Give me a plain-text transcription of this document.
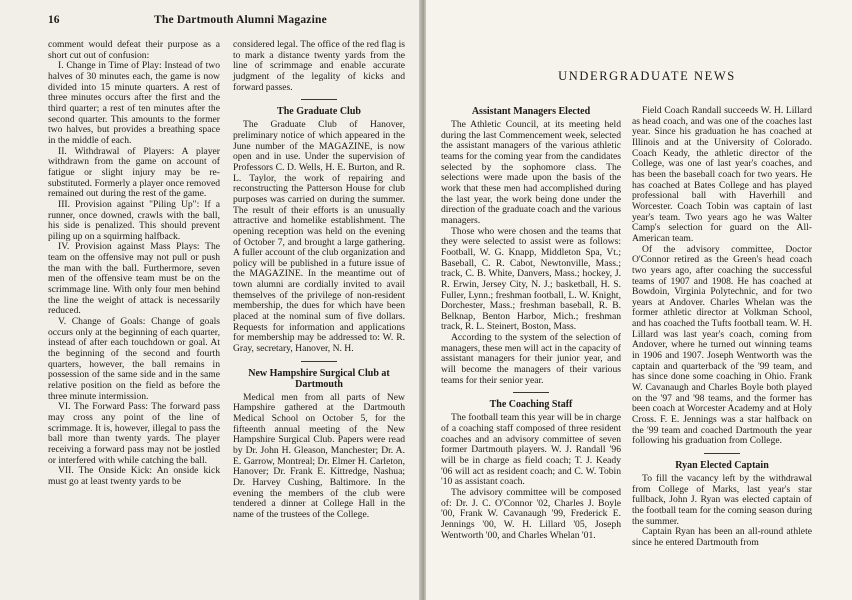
16	The Dartmouth Alumni Magazine

comment would defeat their purpose as a short cut out of confusion:

I. Change in Time of Play: Instead of two halves of 30 minutes each, the game is now divided into 15 minute quarters. A rest of three minutes occurs after the first and the third quarter; a rest of ten minutes after the second quarter. This amounts to the former two halves, but provides a breathing space in the middle of each.

II. Withdrawal of Players: A player withdrawn from the game on account of fatigue or slight injury may be re-substituted. Formerly a player once removed remained out during the rest of the game.

III. Provision against "Piling Up": If a runner, once downed, crawls with the ball, his side is penalized. This should prevent piling up on a squirming halfback.

IV. Provision against Mass Plays: The team on the offensive may not pull or push the man with the ball. Furthermore, seven men of the offensive team must be on the scrimmage line. With only four men behind the line the weight of attack is necessarily reduced.

V. Change of Goals: Change of goals occurs only at the beginning of each quarter, instead of after each touchdown or goal. At the beginning of the second and fourth quarters, however, the ball remains in possession of the same side and in the same relative position on the field as before the three minute intermission.

VI. The Forward Pass: The forward pass may cross any point of the line of scrimmage. It is, however, illegal to pass the ball more than twenty yards. The player receiving a forward pass may not be jostled or interfered with while catching the ball.

VII. The Onside Kick: An onside kick must go at least twenty yards to be

considered legal. The office of the red flag is to mark a distance twenty yards from the line of scrimmage and enable accurate judgment of the legality of kicks and forward passes.

The Graduate Club

The Graduate Club of Hanover, preliminary notice of which appeared in the June number of the MAGAZINE, is now open and in use. Under the supervision of Professors C. D. Wells, H. E. Burton, and R. L. Taylor, the work of repairing and reconstructing the Patterson House for club purposes was carried on during the summer. The result of their efforts is an unusually attractive and homelike establishment. The opening reception was held on the evening of October 7, and brought a large gathering. A fuller account of the club organization and policy will be published in a future issue of the MAGAZINE. In the meantime out of town alumni are cordially invited to avail themselves of the privilege of non-resident membership, the dues for which have been placed at the nominal sum of five dollars. Requests for information and applications for membership may be addressed to: W. R. Gray, secretary, Hanover, N. H.

New Hampshire Surgical Club at Dartmouth

Medical men from all parts of New Hampshire gathered at the Dartmouth Medical School on October 5, for the fifteenth annual meeting of the New Hampshire Surgical Club. Papers were read by Dr. John H. Gleason, Manchester; Dr. A. E. Garrow, Montreal; Dr. Elmer H. Carleton, Hanover; Dr. Frank E. Kittredge, Nashua; Dr. Harvey Cushing, Baltimore. In the evening the members of the club were tendered a dinner at College Hall in the name of the trustees of the College.

UNDERGRADUATE NEWS
Assistant Managers Elected

The Athletic Council, at its meeting held during the last Commencement week, selected the assistant managers of the various athletic teams for the coming year from the candidates selected by the sophomore class. The selections were made upon the basis of the work that these men had accomplished during the last year, the work being done under the direction of the graduate coach and the various managers.

Those who were chosen and the teams that they were selected to assist were as follows: Football, W. G. Knapp, Middleton Spa, Vt.; Baseball, C. R. Cabot, Newtonville, Mass.; track, C. B. White, Danvers, Mass.; hockey, J. R. Erwin, Jersey City, N. J.; basketball, H. S. Fuller, Lynn.; freshman football, L. W. Knight, Dorchester, Mass.; freshman baseball, R. B. Belknap, Benton Harbor, Mich.; freshman track, R. L. Steinert, Boston, Mass.

According to the system of the selection of managers, these men will act in the capacity of assistant managers for their junior year, and will become the managers of their various teams for their senior year.

The Coaching Staff

The football team this year will be in charge of a coaching staff composed of three resident coaches and an advisory committee of seven former Dartmouth players. W. J. Randall '96 will be in charge as field coach; T. J. Keady '06 will act as resident coach; and C. W. Tobin '10 as assistant coach.

The advisory committee will be composed of: Dr. J. C. O'Connor '02, Charles J. Boyle '00, Frank W. Cavanaugh '99, Frederick E. Jennings '00, W. H. Lillard '05, Joseph Wentworth '00, and Charles Whelan '01.

Field Coach Randall succeeds W. H. Lillard as head coach, and was one of the coaches last year. Since his graduation he has coached at Illinois and at the University of Colorado. Coach Keady, the athletic director of the College, was one of last year's coaches, and has been the baseball coach for two years. He has coached at Bates College and has played professional ball with Haverhill and Worcester. Coach Tobin was captain of last year's team. Two years ago he was Walter Camp's selection for guard on the All-American team.

Of the advisory committee, Doctor O'Connor retired as the Green's head coach two years ago, after coaching the successful teams of 1907 and 1908. He has coached at Bowdoin, Virginia Polytechnic, and for two years at Andover. Charles Whelan was the former athletic director at Volkman School, and has coached the Tufts football team. W. H. Lillard was last year's coach, coming from Andover, where he turned out winning teams in 1906 and 1907. Joseph Wentworth was the captain and quarterback of the '99 team, and has since done some coaching in Ohio. Frank W. Cavanaugh and Charles Boyle both played on the '97 and '98 teams, and the former has been coach at Worcester Academy and at Holy Cross. F. E. Jennings was a star halfback on the '99 team and coached Dartmouth the year following his graduation from College.

Ryan Elected Captain

To fill the vacancy left by the withdrawal from College of Marks, last year's star fullback, John J. Ryan was elected captain of the football team for the coming season during the summer.

Captain Ryan has been an all-round athlete since he entered Dartmouth from
